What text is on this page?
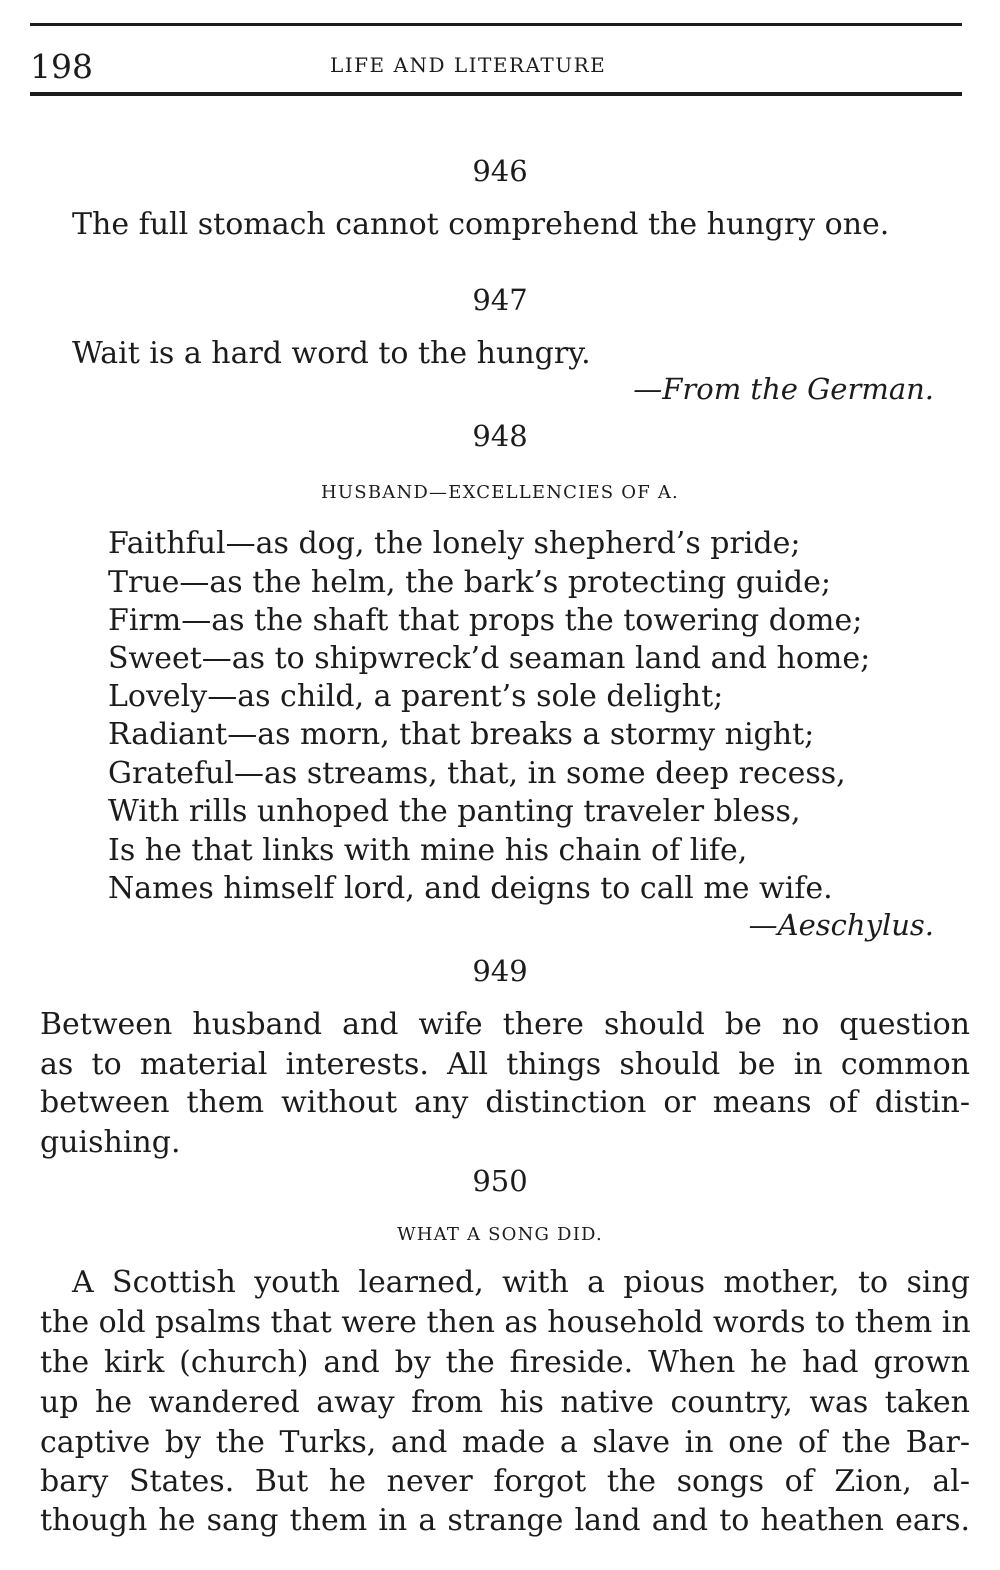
198	LIFE AND LITERATURE
946
The full stomach cannot comprehend the hungry one.
947
Wait is a hard word to the hungry.
—From the German.
948
HUSBAND—EXCELLENCIES OF A.
Faithful—as dog, the lonely shepherd’s pride;
True—as the helm, the bark’s protecting guide;
Firm—as the shaft that props the towering dome;
Sweet—as to shipwreck’d seaman land and home;
Lovely—as child, a parent’s sole delight;
Radiant—as morn, that breaks a stormy night;
Grateful—as streams, that, in some deep recess,
With rills unhoped the panting traveler bless,
Is he that links with mine his chain of life,
Names himself lord, and deigns to call me wife.
—Aeschylus.
949
Between husband and wife there should be no question
as to material interests. All things should be in common
between them without any distinction or means of distin-
guishing.
950
WHAT A SONG DID.
A Scottish youth learned, with a pious mother, to sing
the old psalms that were then as household words to them in
the kirk (church) and by the fireside. When he had grown
up he wandered away from his native country, was taken
captive by the Turks, and made a slave in one of the Bar-
bary States. But he never forgot the songs of Zion, al-
though he sang them in a strange land and to heathen ears.
